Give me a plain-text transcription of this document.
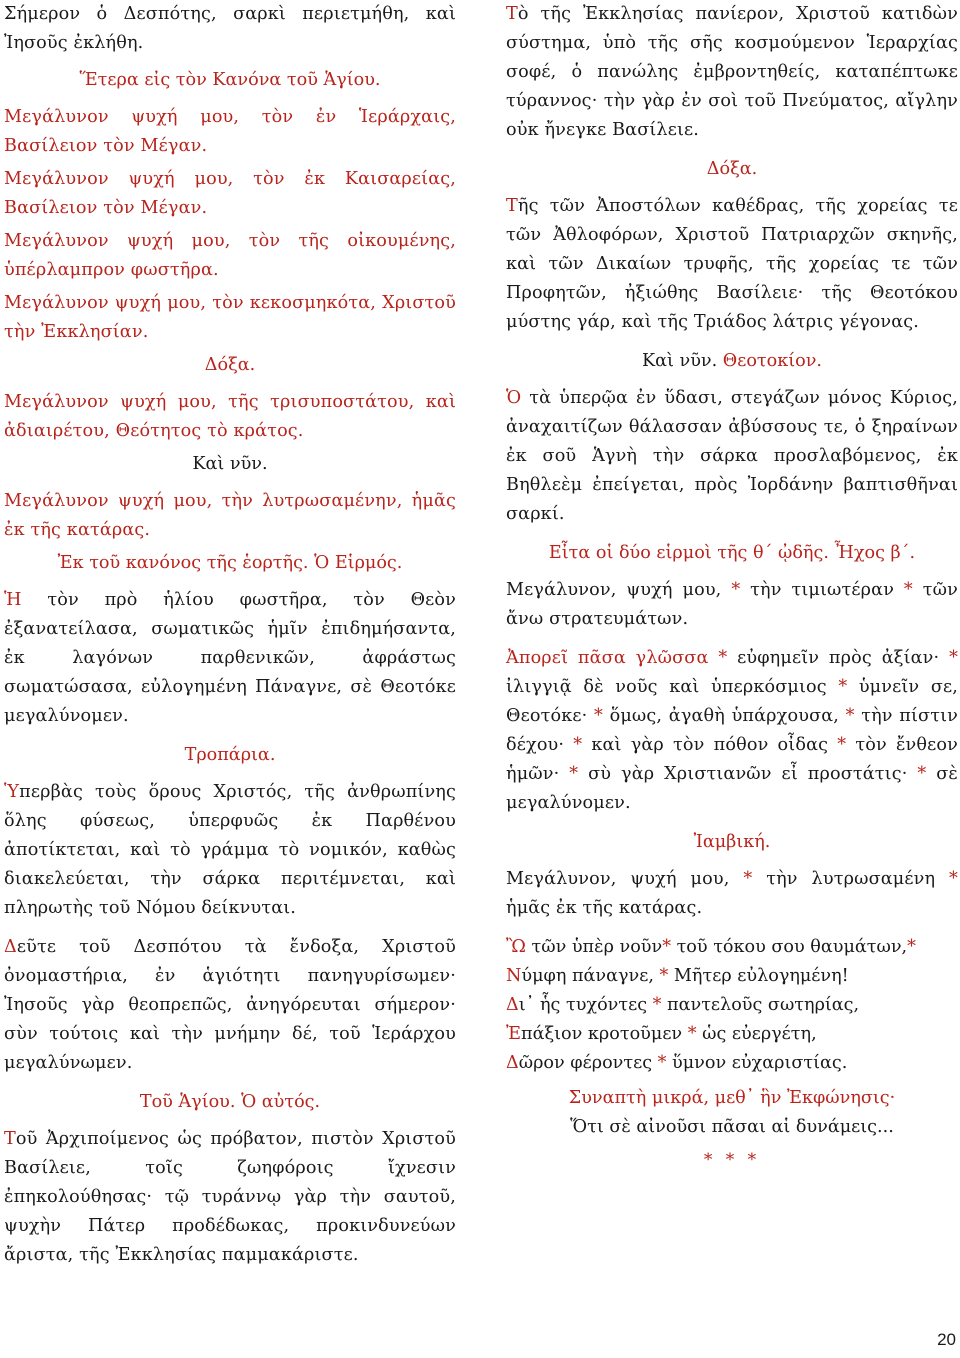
Σήμερον ὁ Δεσπότης, σαρκὶ περιετμήθη, καὶ Ἰησοῦς ἐκλήθη.

Ἕτερα εἰς τὸν Κανόνα τοῦ Ἁγίου.

Μεγάλυνον ψυχή μου, τὸν ἐν Ἱεράρχαις, Βασίλειον τὸν Μέγαν.

Μεγάλυνον ψυχή μου, τὸν ἐκ Καισαρείας, Βασίλειον τὸν Μέγαν.

Μεγάλυνον ψυχή μου, τὸν τῆς οἰκουμένης, ὑπέρλαμπρον φωστῆρα.

Μεγάλυνον ψυχή μου, τὸν κεκοσμηκότα, Χριστοῦ τὴν Ἐκκλησίαν.

Δόξα.

Μεγάλυνον ψυχή μου, τῆς τρισυποστάτου, καὶ ἀδιαιρέτου, Θεότητος τὸ κράτος.

Καὶ νῦν.

Μεγάλυνον ψυχή μου, τὴν λυτρωσαμένην, ἡμᾶς ἐκ τῆς κατάρας.

Ἐκ τοῦ κανόνος τῆς ἑορτῆς. Ὁ Εἱρμός.

Ἡ τὸν πρὸ ἡλίου φωστῆρα, τὸν Θεὸν ἐξανατείλασα, σωματικῶς ἡμῖν ἐπιδημήσαντα, ἐκ λαγόνων παρθενικῶν, ἀφράστως σωματώσασα, εὐλογημένη Πάναγνε, σὲ Θεοτόκε μεγαλύνομεν.

Τροπάρια.

Ὑπερβὰς τοὺς ὅρους Χριστός, τῆς ἀνθρωπίνης ὅλης φύσεως, ὑπερφυῶς ἐκ Παρθένου ἀποτίκτεται, καὶ τὸ γράμμα τὸ νομικόν, καθὼς διακελεύεται, τὴν σάρκα περιτέμνεται, καὶ πληρωτὴς τοῦ Νόμου δείκνυται.

Δεῦτε τοῦ Δεσπότου τὰ ἔνδοξα, Χριστοῦ ὀνομαστήρια, ἐν ἁγιότητι πανηγυρίσωμεν· Ἰησοῦς γὰρ θεοπρεπῶς, ἀνηγόρευται σήμερον· σὺν τούτοις καὶ τὴν μνήμην δέ, τοῦ Ἱεράρχου μεγαλύνωμεν.

Τοῦ Ἁγίου. Ὁ αὐτός.

Τοῦ Ἀρχιποίμενος ὡς πρόβατον, πιστὸν Χριστοῦ Βασίλειε, τοῖς ζωηφόροις ἴχνεσιν ἐπηκολούθησας· τῷ τυράννῳ γὰρ τὴν σαυτοῦ, ψυχὴν Πάτερ προδέδωκας, προκινδυνεύων ἄριστα, τῆς Ἐκκλησίας παμμακάριστε.

Τὸ τῆς Ἐκκλησίας πανίερον, Χριστοῦ κατιδὼν σύστημα, ὑπὸ τῆς σῆς κοσμούμενον Ἱεραρχίας σοφέ, ὁ πανώλης ἐμβροντηθείς, καταπέπτωκε τύραννος· τὴν γὰρ ἐν σοὶ τοῦ Πνεύματος, αἴγλην οὐκ ἤνεγκε Βασίλειε.

Δόξα.

Τῆς τῶν Ἀποστόλων καθέδρας, τῆς χορείας τε τῶν Ἀθλοφόρων, Χριστοῦ Πατριαρχῶν σκηνῆς, καὶ τῶν Δικαίων τρυφῆς, τῆς χορείας τε τῶν Προφητῶν, ἠξιώθης Βασίλειε· τῆς Θεοτόκου μύστης γάρ, καὶ τῆς Τριάδος λάτρις γέγονας.

Καὶ νῦν. Θεοτοκίον.

Ὁ τὰ ὑπερῷα ἐν ὕδασι, στεγάζων μόνος Κύριος, ἀναχαιτίζων θάλασσαν ἀβύσσους τε, ὁ ξηραίνων ἐκ σοῦ Ἁγνὴ τὴν σάρκα προσλαβόμενος, ἐκ Βηθλεὲμ ἐπείγεται, πρὸς Ἰορδάνην βαπτισθῆναι σαρκί.

Εἶτα οἱ δύο εἱρμοὶ τῆς θ΄ ᾠδῆς. Ἦχος β΄.

Μεγάλυνον, ψυχή μου, * τὴν τιμιωτέραν * τῶν ἄνω στρατευμάτων.

Ἀπορεῖ πᾶσα γλῶσσα * εὐφημεῖν πρὸς ἀξίαν· * ἰλιγγιᾷ δὲ νοῦς καὶ ὑπερκόσμιος * ὑμνεῖν σε, Θεοτόκε· * ὅμως, ἀγαθὴ ὑπάρχουσα, * τὴν πίστιν δέχου· * καὶ γὰρ τὸν πόθον οἶδας * τὸν ἔνθεον ἡμῶν· * σὺ γὰρ Χριστιανῶν εἶ προστάτις· * σὲ μεγαλύνομεν.

Ἰαμβική.

Μεγάλυνον, ψυχή μου, * τὴν λυτρωσαμένη * ἡμᾶς ἐκ τῆς κατάρας.

Ὢ τῶν ὑπὲρ νοῦν* τοῦ τόκου σου θαυμάτων,*
Νύμφη πάναγνε, * Μῆτερ εὐλογημένη!
Δι᾽ ἧς τυχόντες * παντελοῦς σωτηρίας,
Ἐπάξιον κροτοῦμεν * ὡς εὐεργέτη,
Δῶρον φέροντες * ὕμνον εὐχαριστίας.
Συναπτὴ μικρά, μεθ᾽ ἣν Ἐκφώνησις·
Ὅτι σὲ αἰνοῦσι πᾶσαι αἱ δυνάμεις...
* * *
20
